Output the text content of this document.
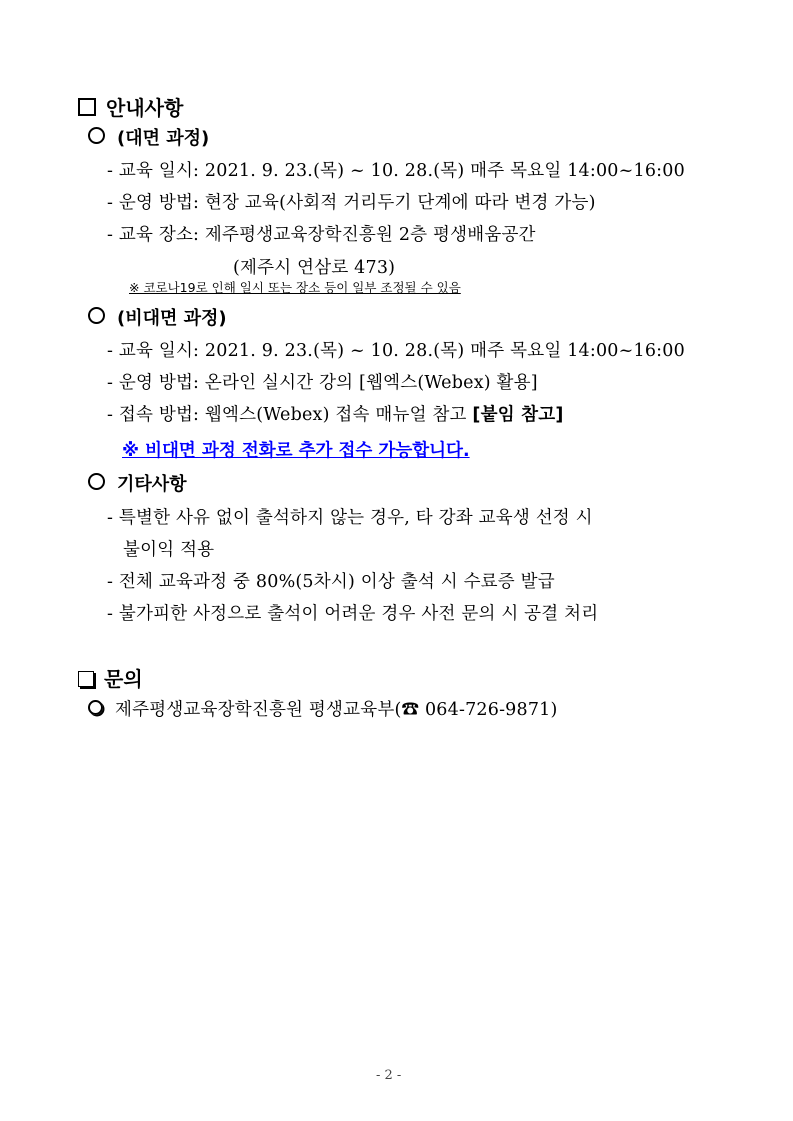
안내사항
(대면 과정)
- 교육 일시: 2021. 9. 23.(목) ~ 10. 28.(목) 매주 목요일 14:00~16:00
- 운영 방법: 현장 교육(사회적 거리두기 단계에 따라 변경 가능)
- 교육 장소: 제주평생교육장학진흥원 2층 평생배움공간
(제주시 연삼로 473)
※ 코로나19로 인해 일시 또는 장소 등이 일부 조정될 수 있음
(비대면 과정)
- 교육 일시: 2021. 9. 23.(목) ~ 10. 28.(목) 매주 목요일 14:00~16:00
- 운영 방법: 온라인 실시간 강의 [웹엑스(Webex) 활용]
- 접속 방법: 웹엑스(Webex) 접속 매뉴얼 참고 [붙임 참고]
※ 비대면 과정 전화로 추가 접수 가능합니다.
기타사항
- 특별한 사유 없이 출석하지 않는 경우, 타 강좌 교육생 선정 시
불이익 적용
- 전체 교육과정 중 80%(5차시) 이상 출석 시 수료증 발급
- 불가피한 사정으로 출석이 어려운 경우 사전 문의 시 공결 처리
문의
제주평생교육장학진흥원 평생교육부(☎ 064-726-9871)
- 2 -
